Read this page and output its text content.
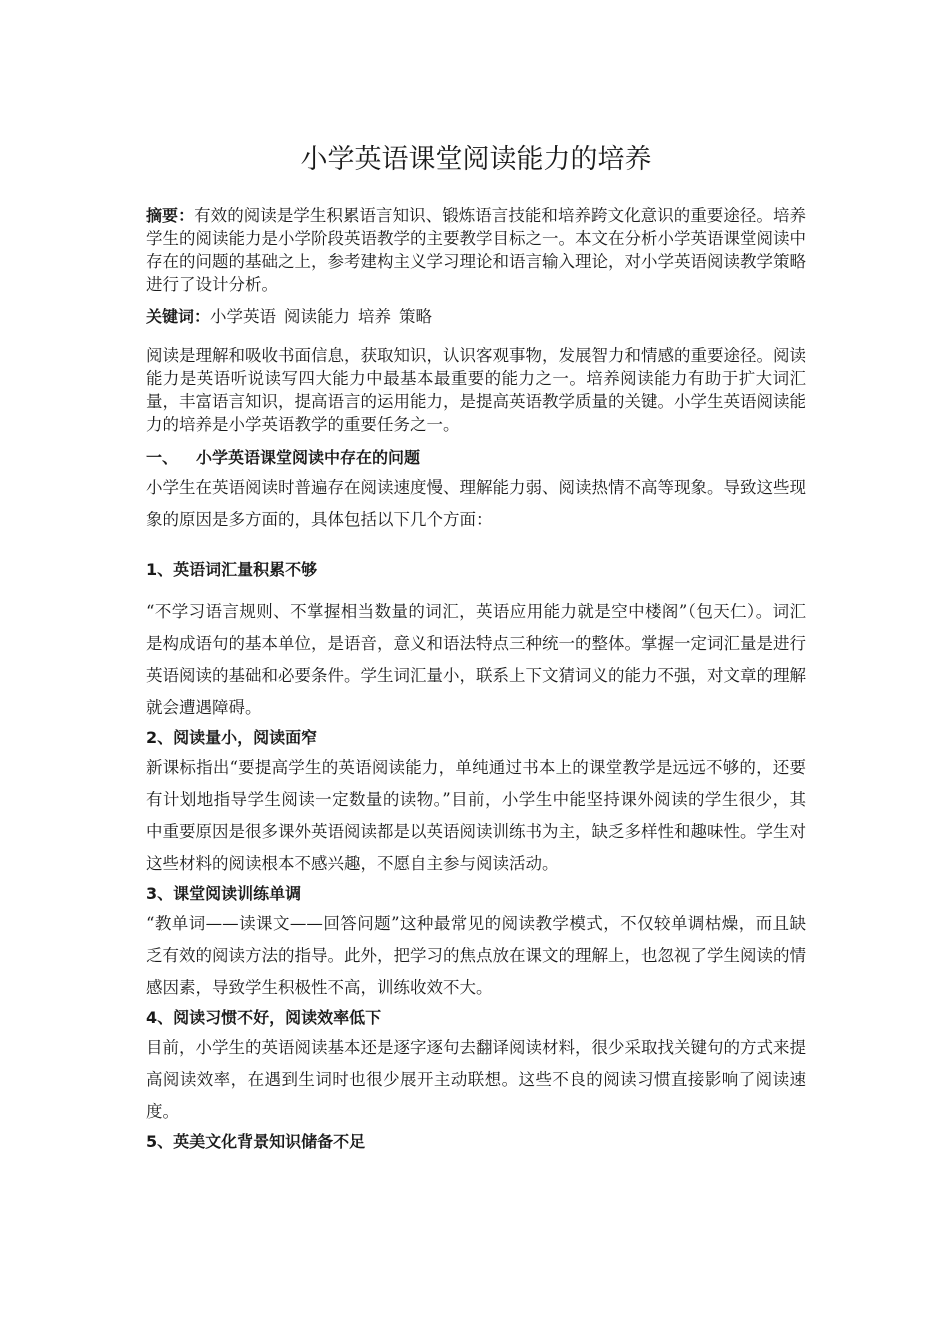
小学英语课堂阅读能力的培养

摘要：有效的阅读是学生积累语言知识、锻炼语言技能和培养跨文化意识的重要途径。培养学生的阅读能力是小学阶段英语教学的主要教学目标之一。本文在分析小学英语课堂阅读中存在的问题的基础之上，参考建构主义学习理论和语言输入理论，对小学英语阅读教学策略进行了设计分析。

关键词：小学英语 阅读能力 培养 策略

阅读是理解和吸收书面信息，获取知识，认识客观事物，发展智力和情感的重要途径。阅读能力是英语听说读写四大能力中最基本最重要的能力之一。培养阅读能力有助于扩大词汇量，丰富语言知识，提高语言的运用能力，是提高英语教学质量的关键。小学生英语阅读能力的培养是小学英语教学的重要任务之一。

一、 小学英语课堂阅读中存在的问题

小学生在英语阅读时普遍存在阅读速度慢、理解能力弱、阅读热情不高等现象。导致这些现象的原因是多方面的，具体包括以下几个方面：

1、英语词汇量积累不够

“不学习语言规则、不掌握相当数量的词汇，英语应用能力就是空中楼阁”（包天仁）。词汇是构成语句的基本单位，是语音，意义和语法特点三种统一的整体。掌握一定词汇量是进行英语阅读的基础和必要条件。学生词汇量小，联系上下文猜词义的能力不强，对文章的理解就会遭遇障碍。

2、阅读量小，阅读面窄

新课标指出“要提高学生的英语阅读能力，单纯通过书本上的课堂教学是远远不够的，还要有计划地指导学生阅读一定数量的读物。”目前，小学生中能坚持课外阅读的学生很少，其中重要原因是很多课外英语阅读都是以英语阅读训练书为主，缺乏多样性和趣味性。学生对这些材料的阅读根本不感兴趣，不愿自主参与阅读活动。

3、课堂阅读训练单调

“教单词——读课文——回答问题”这种最常见的阅读教学模式，不仅较单调枯燥，而且缺乏有效的阅读方法的指导。此外，把学习的焦点放在课文的理解上，也忽视了学生阅读的情感因素，导致学生积极性不高，训练收效不大。

4、阅读习惯不好，阅读效率低下

目前，小学生的英语阅读基本还是逐字逐句去翻译阅读材料，很少采取找关键句的方式来提高阅读效率，在遇到生词时也很少展开主动联想。这些不良的阅读习惯直接影响了阅读速度。

5、英美文化背景知识储备不足
